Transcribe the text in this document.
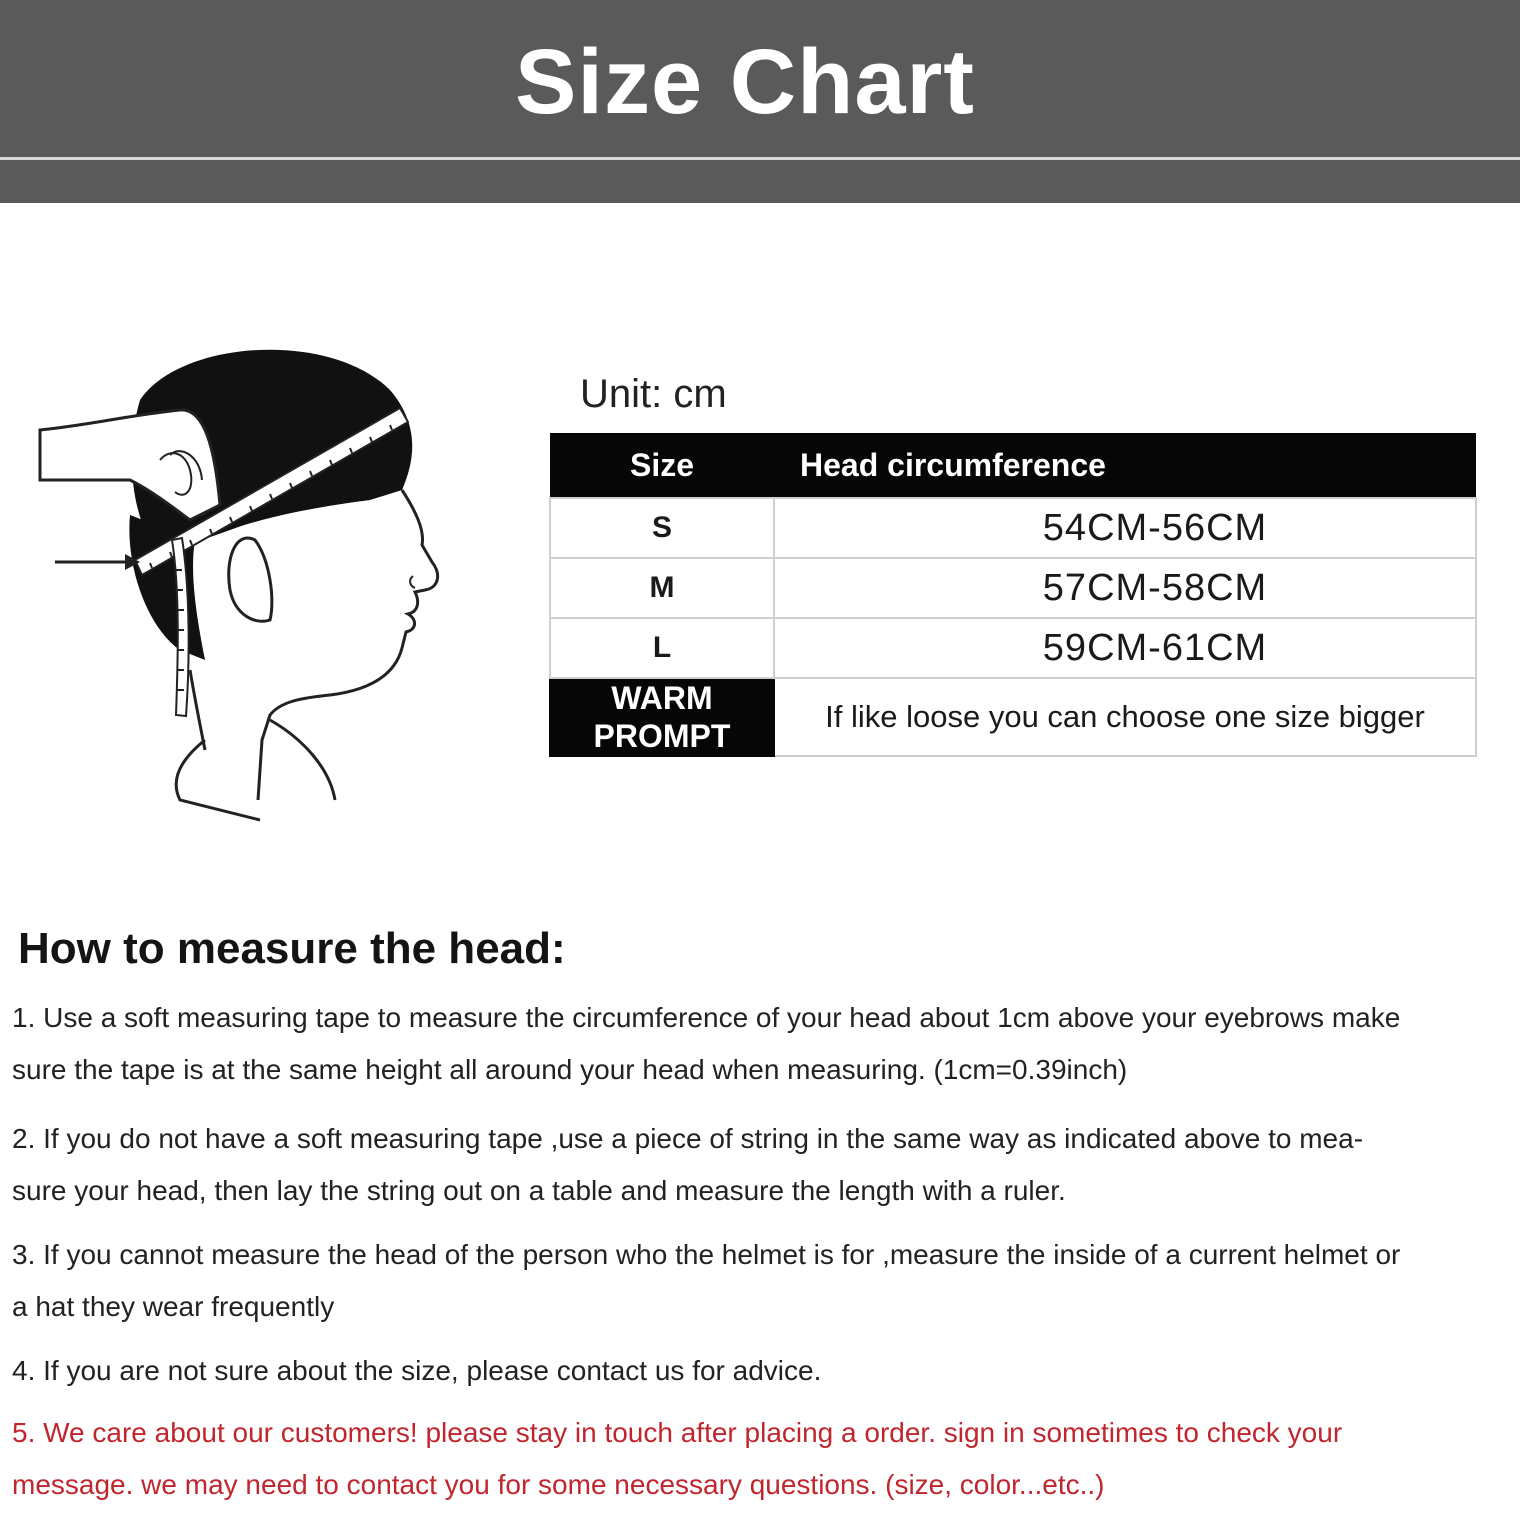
Size Chart
Unit: cm
Size	Head circumference
S	54CM-56CM
M	57CM-58CM
L	59CM-61CM
WARM
PROMPT	If like loose you can choose one size bigger
How to measure the head:
1. Use a soft measuring tape to measure the circumference of your head about 1cm above your eyebrows make
sure the tape is at the same height all around your head when measuring. (1cm=0.39inch)
2. If you do not have a soft measuring tape ,use a piece of string in the same way as indicated above to mea-
sure your head, then lay the string out on a table and measure the length with a ruler.
3. If you cannot measure the head of the person who the helmet is for ,measure the inside of a current helmet or
a hat they wear frequently
4. If you are not sure about the size, please contact us for advice.
5. We care about our customers! please stay in touch after placing a order. sign in sometimes to check your
message. we may need to contact you for some necessary questions. (size, color...etc..)
